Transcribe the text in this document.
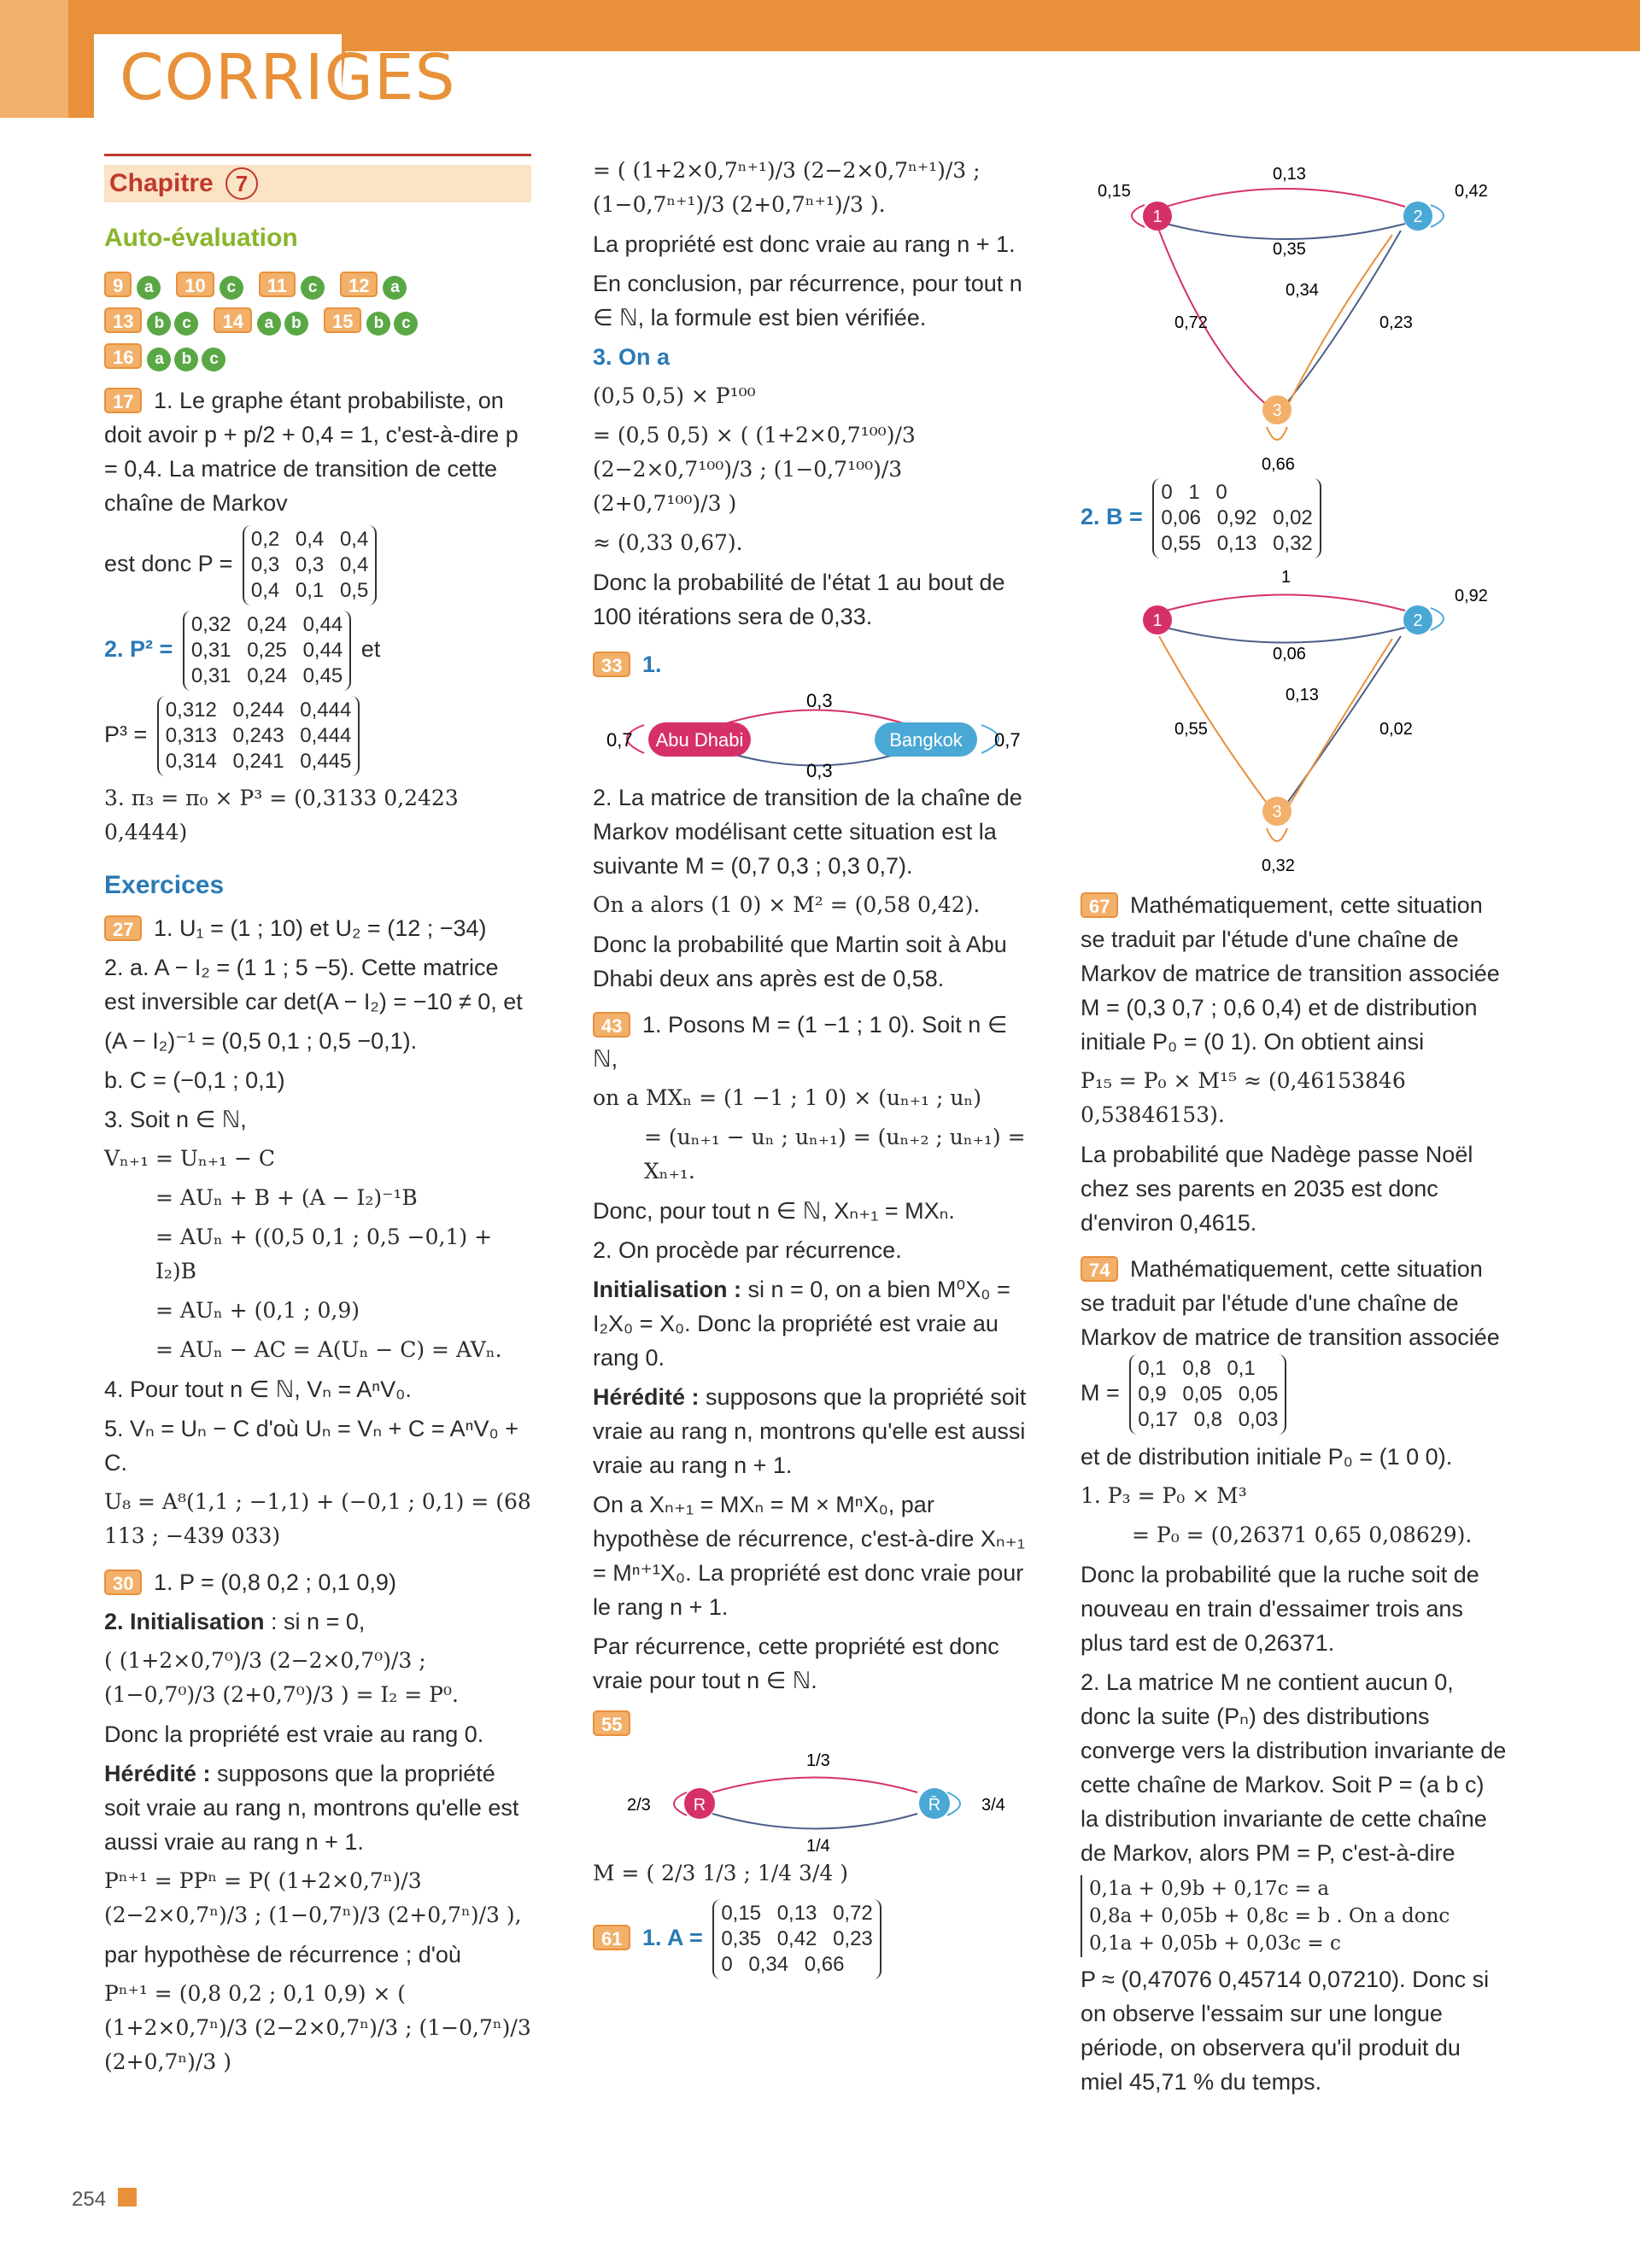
CORRIGÉS
Chapitre 7
Auto-évaluation
9 a 10 c 11 c 12 a
13 b c 14 a b 15 b c
16 a b c

17 1. Le graphe étant probabiliste, on doit avoir p + p/2 + 0,4 = 1, c'est-à-dire p = 0,4. La matrice de transition de cette chaîne de Markov

est donc P =
0,2 0,4 0,4
0,3 0,3 0,4
0,4 0,1 0,5

2. P² =
0,32 0,24 0,44
0,31 0,25 0,44
0,31 0,24 0,45
et

P³ =
0,312 0,244 0,444
0,313 0,243 0,444
0,314 0,241 0,445

3. π₃ = π₀ × P³ = (0,3133 0,2423 0,4444)

Exercices

27 1. U₁ = (1 ; 10) et U₂ = (12 ; −34)

2. a. A − I₂ = (1 1 ; 5 −5). Cette matrice est inversible car det(A − I₂) = −10 ≠ 0, et

(A − I₂)⁻¹ = (0,5 0,1 ; 0,5 −0,1).

b. C = (−0,1 ; 0,1)

3. Soit n ∈ ℕ,

Vₙ₊₁ = Uₙ₊₁ − C

= AUₙ + B + (A − I₂)⁻¹B

= AUₙ + ((0,5 0,1 ; 0,5 −0,1) + I₂)B

= AUₙ + (0,1 ; 0,9)

= AUₙ − AC = A(Uₙ − C) = AVₙ.

4. Pour tout n ∈ ℕ, Vₙ = AⁿV₀.

5. Vₙ = Uₙ − C d'où Uₙ = Vₙ + C = AⁿV₀ + C.

U₈ = A⁸(1,1 ; −1,1) + (−0,1 ; 0,1) = (68 113 ; −439 033)

30 1. P = (0,8 0,2 ; 0,1 0,9)

2. Initialisation : si n = 0,

( (1+2×0,7⁰)/3 (2−2×0,7⁰)/3 ; (1−0,7⁰)/3 (2+0,7⁰)/3 ) = I₂ = P⁰.

Donc la propriété est vraie au rang 0.

Hérédité : supposons que la propriété soit vraie au rang n, montrons qu'elle est aussi vraie au rang n + 1.

Pⁿ⁺¹ = PPⁿ = P( (1+2×0,7ⁿ)/3 (2−2×0,7ⁿ)/3 ; (1−0,7ⁿ)/3 (2+0,7ⁿ)/3 ),

par hypothèse de récurrence ; d'où

Pⁿ⁺¹ = (0,8 0,2 ; 0,1 0,9) × ( (1+2×0,7ⁿ)/3 (2−2×0,7ⁿ)/3 ; (1−0,7ⁿ)/3 (2+0,7ⁿ)/3 )

= ( (1+2×0,7ⁿ⁺¹)/3 (2−2×0,7ⁿ⁺¹)/3 ; (1−0,7ⁿ⁺¹)/3 (2+0,7ⁿ⁺¹)/3 ).

La propriété est donc vraie au rang n + 1.

En conclusion, par récurrence, pour tout n ∈ ℕ, la formule est bien vérifiée.

3. On a

(0,5 0,5) × P¹⁰⁰

= (0,5 0,5) × ( (1+2×0,7¹⁰⁰)/3 (2−2×0,7¹⁰⁰)/3 ; (1−0,7¹⁰⁰)/3 (2+0,7¹⁰⁰)/3 )

≈ (0,33 0,67).

Donc la probabilité de l'état 1 au bout de 100 itérations sera de 0,33.

33 1.

Abu Dhabi	Bangkok
0,7	0,7
0,3
0,3

2. La matrice de transition de la chaîne de Markov modélisant cette situation est la suivante M = (0,7 0,3 ; 0,3 0,7).

On a alors (1 0) × M² = (0,58 0,42).

Donc la probabilité que Martin soit à Abu Dhabi deux ans après est de 0,58.

43 1. Posons M = (1 −1 ; 1 0). Soit n ∈ ℕ,

on a MXₙ = (1 −1 ; 1 0) × (uₙ₊₁ ; uₙ)

= (uₙ₊₁ − uₙ ; uₙ₊₁) = (uₙ₊₂ ; uₙ₊₁) = Xₙ₊₁.

Donc, pour tout n ∈ ℕ, Xₙ₊₁ = MXₙ.

2. On procède par récurrence.

Initialisation : si n = 0, on a bien M⁰X₀ = I₂X₀ = X₀. Donc la propriété est vraie au rang 0.

Hérédité : supposons que la propriété soit vraie au rang n, montrons qu'elle est aussi vraie au rang n + 1.

On a Xₙ₊₁ = MXₙ = M × MⁿX₀, par hypothèse de récurrence, c'est-à-dire Xₙ₊₁ = Mⁿ⁺¹X₀. La propriété est donc vraie pour le rang n + 1.

Par récurrence, cette propriété est donc vraie pour tout n ∈ ℕ.

55

R	R̄
2/3	3/4
1/3
1/4

M = ( 2/3 1/3 ; 1/4 3/4 )

61 1. A =
0,15 0,13 0,72
0,35 0,42 0,23
0 0,34 0,66

1	2
3
0,15	0,42
0,66
0,13
0,35
0,72
0,34
0,23

2. B =
0 1 0
0,06 0,92 0,02
0,55 0,13 0,32

1	2
3
0,92
0,32
1
0,06
0,55
0,13
0,02

67 Mathématiquement, cette situation se traduit par l'étude d'une chaîne de Markov de matrice de transition associée M = (0,3 0,7 ; 0,6 0,4) et de distribution initiale P₀ = (0 1). On obtient ainsi

P₁₅ = P₀ × M¹⁵ ≈ (0,46153846 0,53846153).

La probabilité que Nadège passe Noël chez ses parents en 2035 est donc d'environ 0,4615.

74 Mathématiquement, cette situation se traduit par l'étude d'une chaîne de Markov de matrice de transition associée M =
0,1 0,8 0,1
0,9 0,05 0,05
0,17 0,8 0,03

et de distribution initiale P₀ = (1 0 0).

1. P₃ = P₀ × M³

= P₀ = (0,26371 0,65 0,08629).

Donc la probabilité que la ruche soit de nouveau en train d'essaimer trois ans plus tard est de 0,26371.

2. La matrice M ne contient aucun 0, donc la suite (Pₙ) des distributions converge vers la distribution invariante de cette chaîne de Markov. Soit P = (a b c) la distribution invariante de cette chaîne de Markov, alors PM = P, c'est-à-dire

0,1a + 0,9b + 0,17c = a
0,8a + 0,05b + 0,8c = b . On a donc
0,1a + 0,05b + 0,03c = c

P ≈ (0,47076 0,45714 0,07210). Donc si on observe l'essaim sur une longue période, on observera qu'il produit du miel 45,71 % du temps.

254
